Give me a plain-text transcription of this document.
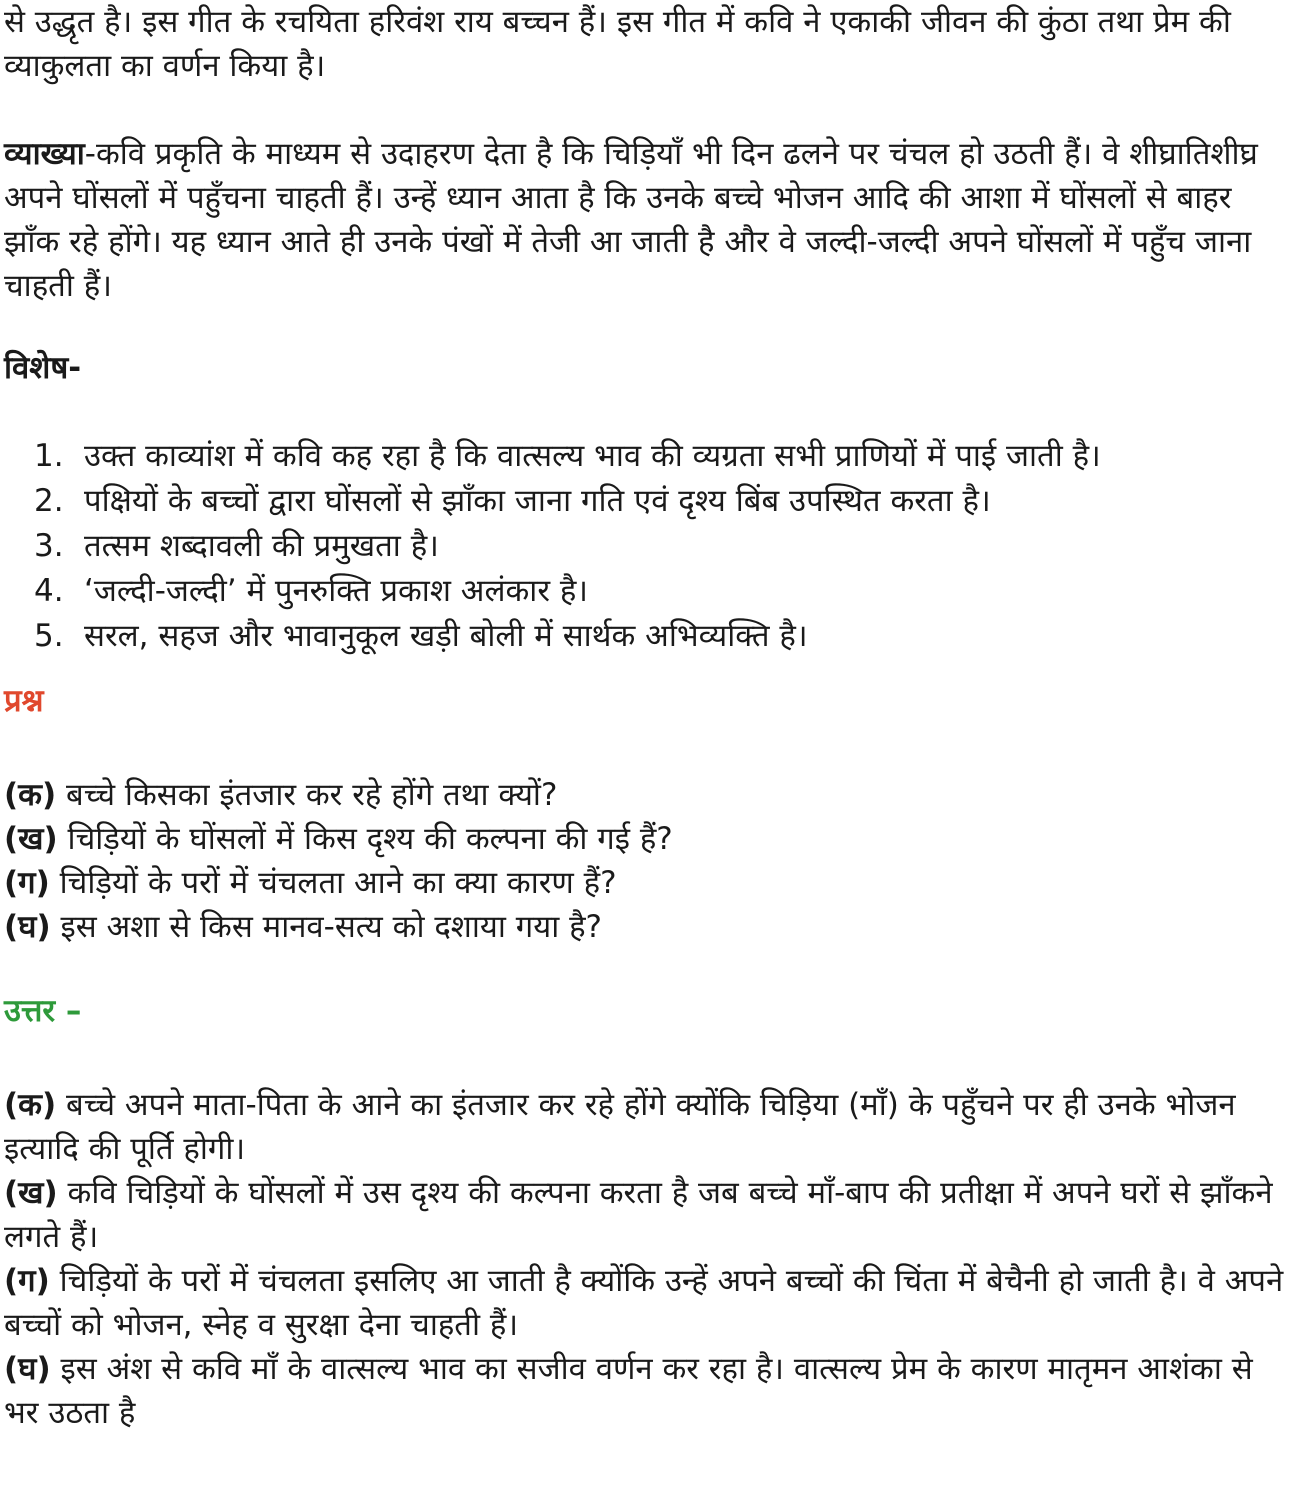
से उद्धृत है। इस गीत के रचयिता हरिवंश राय बच्चन हैं। इस गीत में कवि ने एकाकी जीवन की कुंठा तथा प्रेम की व्याकुलता का वर्णन किया है।

व्याख्या-कवि प्रकृति के माध्यम से उदाहरण देता है कि चिड़ियाँ भी दिन ढलने पर चंचल हो उठती हैं। वे शीघ्रातिशीघ्र अपने घोंसलों में पहुँचना चाहती हैं। उन्हें ध्यान आता है कि उनके बच्चे भोजन आदि की आशा में घोंसलों से बाहर झाँक रहे होंगे। यह ध्यान आते ही उनके पंखों में तेजी आ जाती है और वे जल्दी-जल्दी अपने घोंसलों में पहुँच जाना चाहती हैं।

विशेष-

1. उक्त काव्यांश में कवि कह रहा है कि वात्सल्य भाव की व्यग्रता सभी प्राणियों में पाई जाती है।
2. पक्षियों के बच्चों द्वारा घोंसलों से झाँका जाना गति एवं दृश्य बिंब उपस्थित करता है।
3. तत्सम शब्दावली की प्रमुखता है।
4. ‘जल्दी-जल्दी’ में पुनरुक्ति प्रकाश अलंकार है।
5. सरल, सहज और भावानुकूल खड़ी बोली में सार्थक अभिव्यक्ति है।

प्रश्न

(क) बच्चे किसका इंतजार कर रहे होंगे तथा क्यों?

(ख) चिड़ियों के घोंसलों में किस दृश्य की कल्पना की गई हैं?

(ग) चिड़ियों के परों में चंचलता आने का क्या कारण हैं?

(घ) इस अशा से किस मानव-सत्य को दशाया गया है?

उत्तर –

(क) बच्चे अपने माता-पिता के आने का इंतजार कर रहे होंगे क्योंकि चिड़िया (माँ) के पहुँचने पर ही उनके भोजन इत्यादि की पूर्ति होगी।

(ख) कवि चिड़ियों के घोंसलों में उस दृश्य की कल्पना करता है जब बच्चे माँ-बाप की प्रतीक्षा में अपने घरों से झाँकने लगते हैं।

(ग) चिड़ियों के परों में चंचलता इसलिए आ जाती है क्योंकि उन्हें अपने बच्चों की चिंता में बेचैनी हो जाती है। वे अपने बच्चों को भोजन, स्नेह व सुरक्षा देना चाहती हैं।

(घ) इस अंश से कवि माँ के वात्सल्य भाव का सजीव वर्णन कर रहा है। वात्सल्य प्रेम के कारण मातृमन आशंका से भर उठता है
